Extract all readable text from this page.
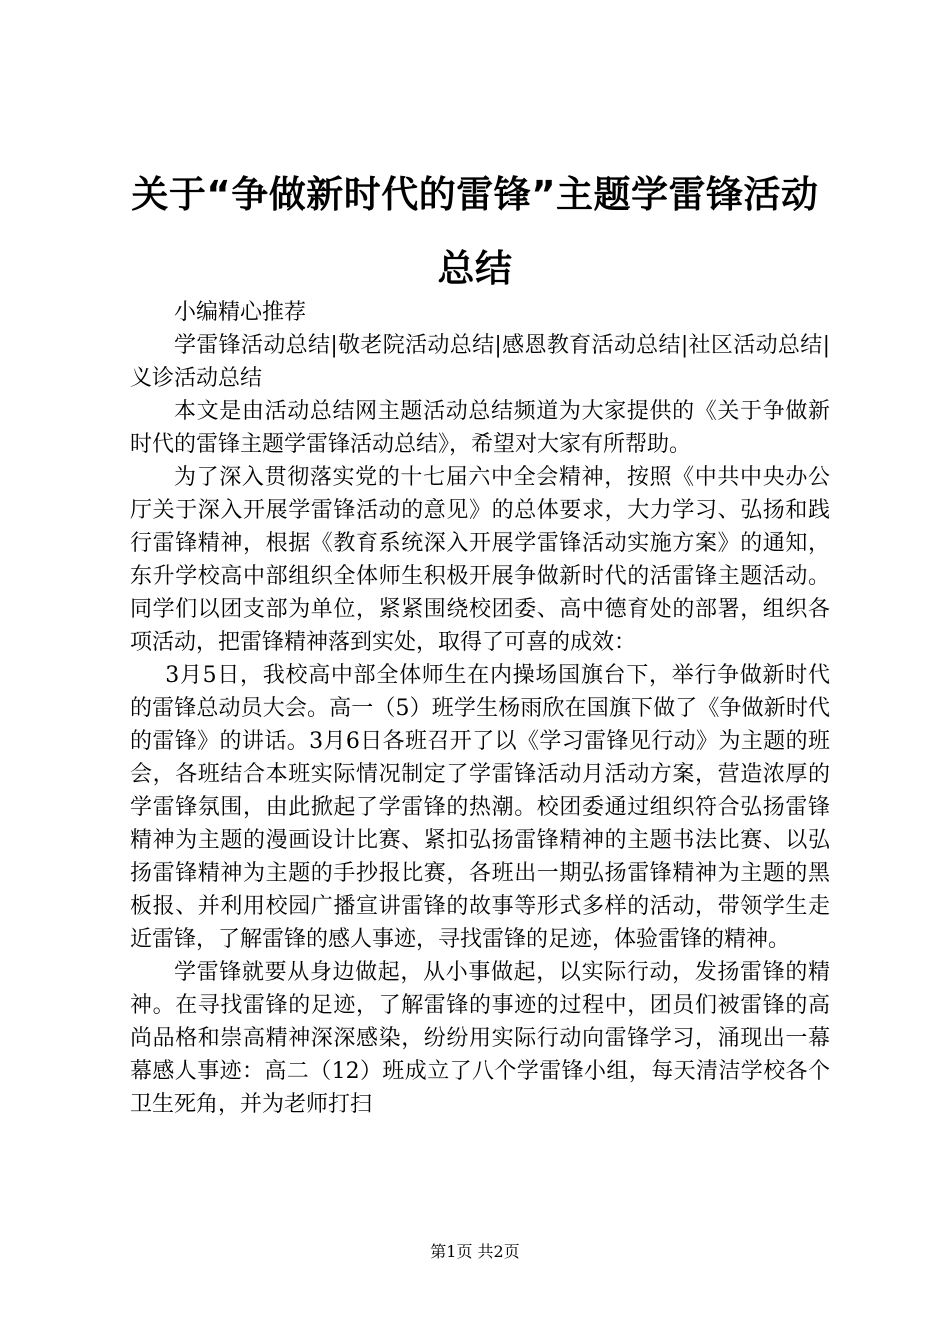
关于“争做新时代的雷锋”主题学雷锋活动总结

小编精心推荐

学雷锋活动总结|敬老院活动总结|感恩教育活动总结|社区活动总结|义诊活动总结

本文是由活动总结网主题活动总结频道为大家提供的《关于争做新时代的雷锋主题学雷锋活动总结》，希望对大家有所帮助。

为了深入贯彻落实党的十七届六中全会精神，按照《中共中央办公厅关于深入开展学雷锋活动的意见》的总体要求，大力学习、弘扬和践行雷锋精神，根据《教育系统深入开展学雷锋活动实施方案》的通知，东升学校高中部组织全体师生积极开展争做新时代的活雷锋主题活动。同学们以团支部为单位，紧紧围绕校团委、高中德育处的部署，组织各项活动，把雷锋精神落到实处，取得了可喜的成效：

3月5日，我校高中部全体师生在内操场国旗台下，举行争做新时代的雷锋总动员大会。高一（5）班学生杨雨欣在国旗下做了《争做新时代的雷锋》的讲话。3月6日各班召开了以《学习雷锋见行动》为主题的班会，各班结合本班实际情况制定了学雷锋活动月活动方案，营造浓厚的学雷锋氛围，由此掀起了学雷锋的热潮。校团委通过组织符合弘扬雷锋精神为主题的漫画设计比赛、紧扣弘扬雷锋精神的主题书法比赛、以弘扬雷锋精神为主题的手抄报比赛，各班出一期弘扬雷锋精神为主题的黑板报、并利用校园广播宣讲雷锋的故事等形式多样的活动，带领学生走近雷锋，了解雷锋的感人事迹，寻找雷锋的足迹，体验雷锋的精神。

学雷锋就要从身边做起，从小事做起，以实际行动，发扬雷锋的精神。在寻找雷锋的足迹，了解雷锋的事迹的过程中，团员们被雷锋的高尚品格和崇高精神深深感染，纷纷用实际行动向雷锋学习，涌现出一幕幕感人事迹：高二（12）班成立了八个学雷锋小组，每天清洁学校各个卫生死角，并为老师打扫

第1页 共2页
